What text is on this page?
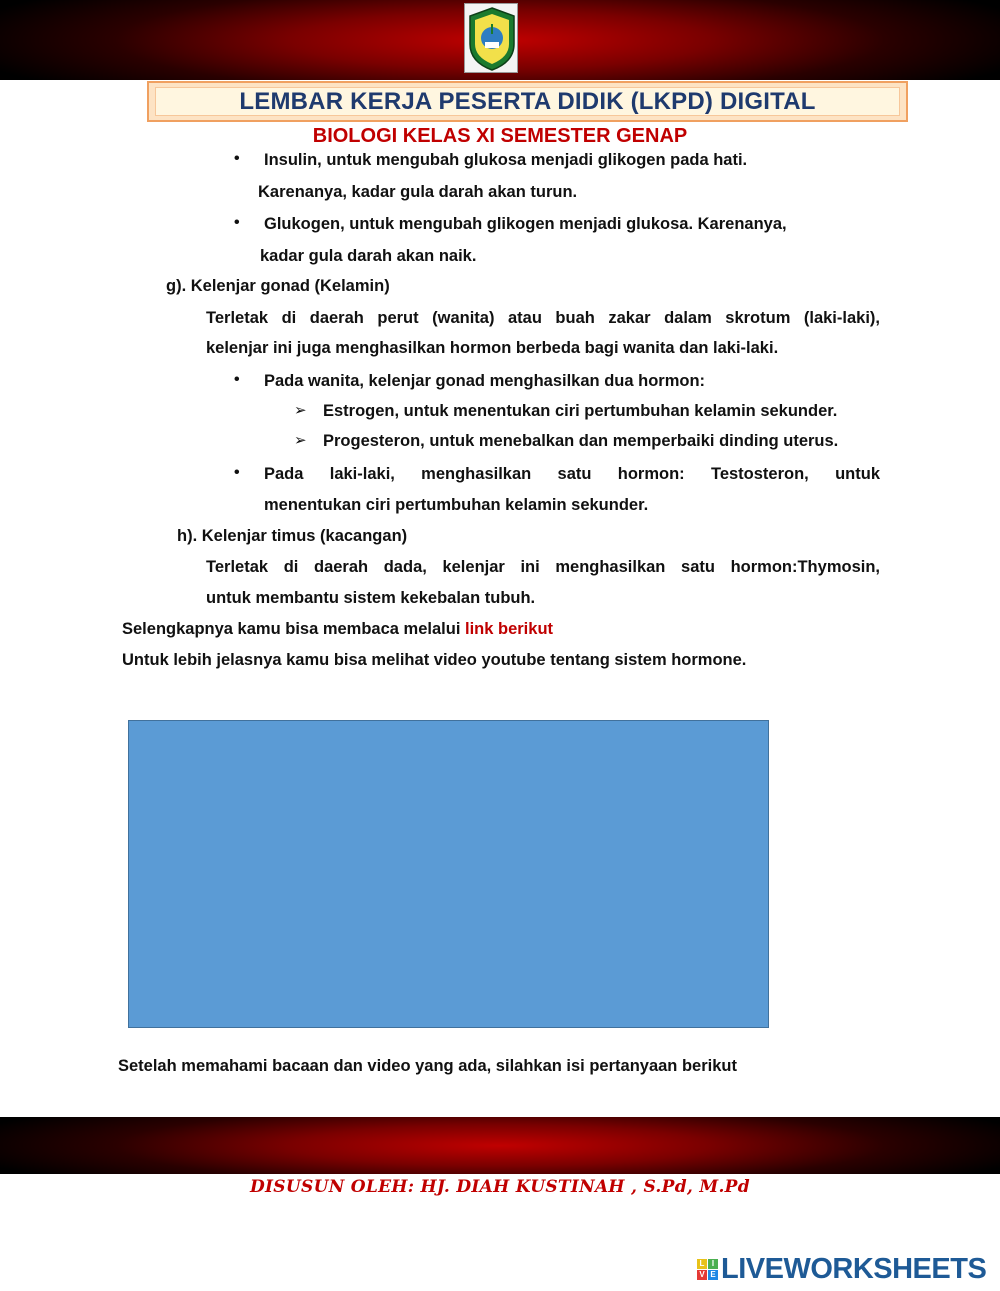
LEMBAR KERJA PESERTA DIDIK (LKPD) DIGITAL
BIOLOGI KELAS XI SEMESTER GENAP
• Insulin, untuk mengubah glukosa menjadi glikogen pada hati.
Karenanya, kadar gula darah akan turun.
• Glukogen, untuk mengubah glikogen menjadi glukosa. Karenanya,
kadar gula darah akan naik.
g). Kelenjar gonad (Kelamin)
Terletak di daerah perut (wanita) atau buah zakar dalam skrotum (laki-laki),
kelenjar ini juga menghasilkan hormon berbeda bagi wanita dan laki-laki.
• Pada wanita, kelenjar gonad menghasilkan dua hormon:
➢ Estrogen, untuk menentukan ciri pertumbuhan kelamin sekunder.
➢ Progesteron, untuk menebalkan dan memperbaiki dinding uterus.
• Pada laki-laki, menghasilkan satu hormon: Testosteron, untuk
menentukan ciri pertumbuhan kelamin sekunder.
h). Kelenjar timus (kacangan)
Terletak di daerah dada, kelenjar ini menghasilkan satu hormon:Thymosin,
untuk membantu sistem kekebalan tubuh.
Selengkapnya kamu bisa membaca melalui link berikut
Untuk lebih jelasnya kamu bisa melihat video youtube tentang sistem hormone.
Setelah memahami bacaan dan video yang ada, silahkan isi pertanyaan berikut
DISUSUN OLEH: HJ. DIAH KUSTINAH , S.Pd, M.Pd
L I
V E LIVEWORKSHEETS
